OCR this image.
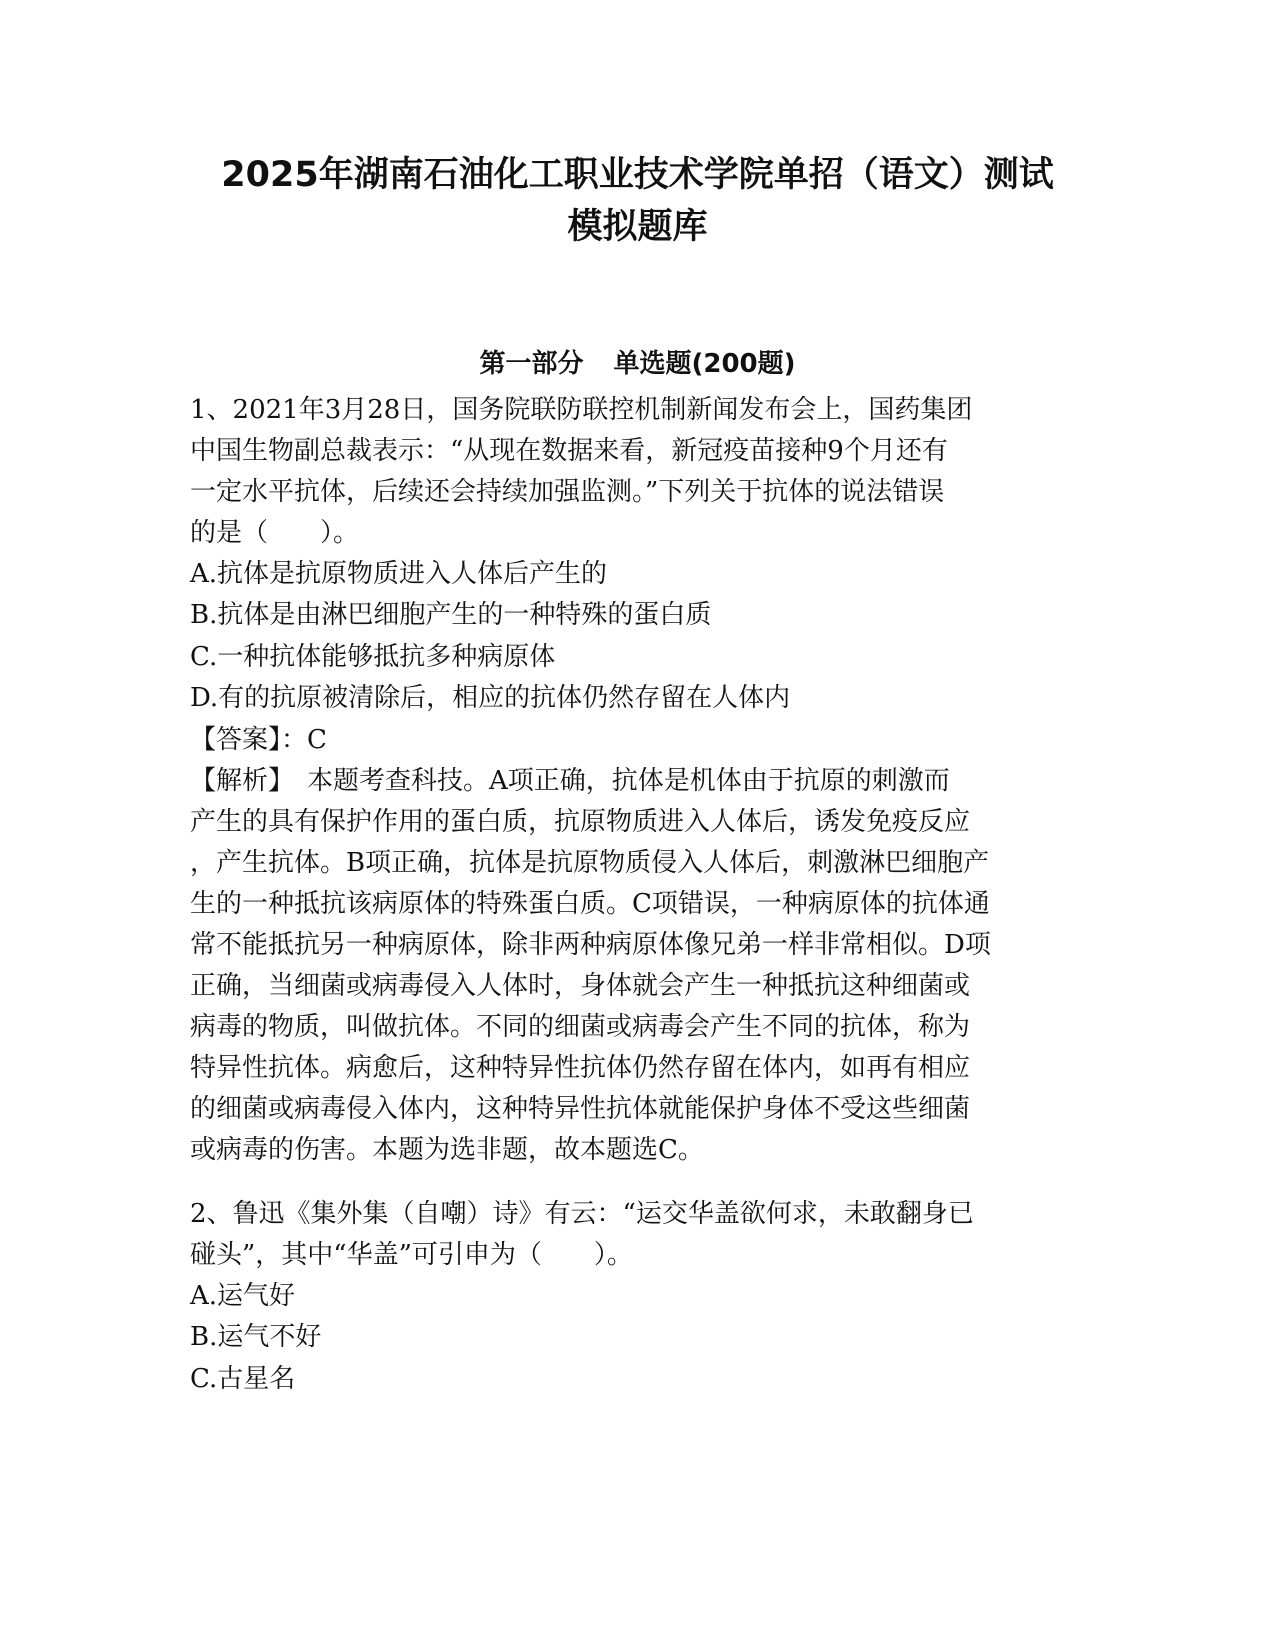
2025年湖南石油化工职业技术学院单招（语文）测试
模拟题库
第一部分 单选题(200题)
1、2021年3月28日，国务院联防联控机制新闻发布会上，国药集团
中国生物副总裁表示：“从现在数据来看，新冠疫苗接种9个月还有
一定水平抗体，后续还会持续加强监测。”下列关于抗体的说法错误
的是（　　）。
A.抗体是抗原物质进入人体后产生的
B.抗体是由淋巴细胞产生的一种特殊的蛋白质
C.一种抗体能够抵抗多种病原体
D.有的抗原被清除后，相应的抗体仍然存留在人体内
【答案】：C
【解析】　本题考查科技。A项正确，抗体是机体由于抗原的刺激而
产生的具有保护作用的蛋白质，抗原物质进入人体后，诱发免疫反应
，产生抗体。B项正确，抗体是抗原物质侵入人体后，刺激淋巴细胞产
生的一种抵抗该病原体的特殊蛋白质。C项错误，一种病原体的抗体通
常不能抵抗另一种病原体，除非两种病原体像兄弟一样非常相似。D项
正确，当细菌或病毒侵入人体时，身体就会产生一种抵抗这种细菌或
病毒的物质，叫做抗体。不同的细菌或病毒会产生不同的抗体，称为
特异性抗体。病愈后，这种特异性抗体仍然存留在体内，如再有相应
的细菌或病毒侵入体内，这种特异性抗体就能保护身体不受这些细菌
或病毒的伤害。本题为选非题，故本题选C。
2、鲁迅《集外集（自嘲）诗》有云：“运交华盖欲何求，未敢翻身已
碰头”，其中“华盖”可引申为（　　）。
A.运气好
B.运气不好
C.古星名
